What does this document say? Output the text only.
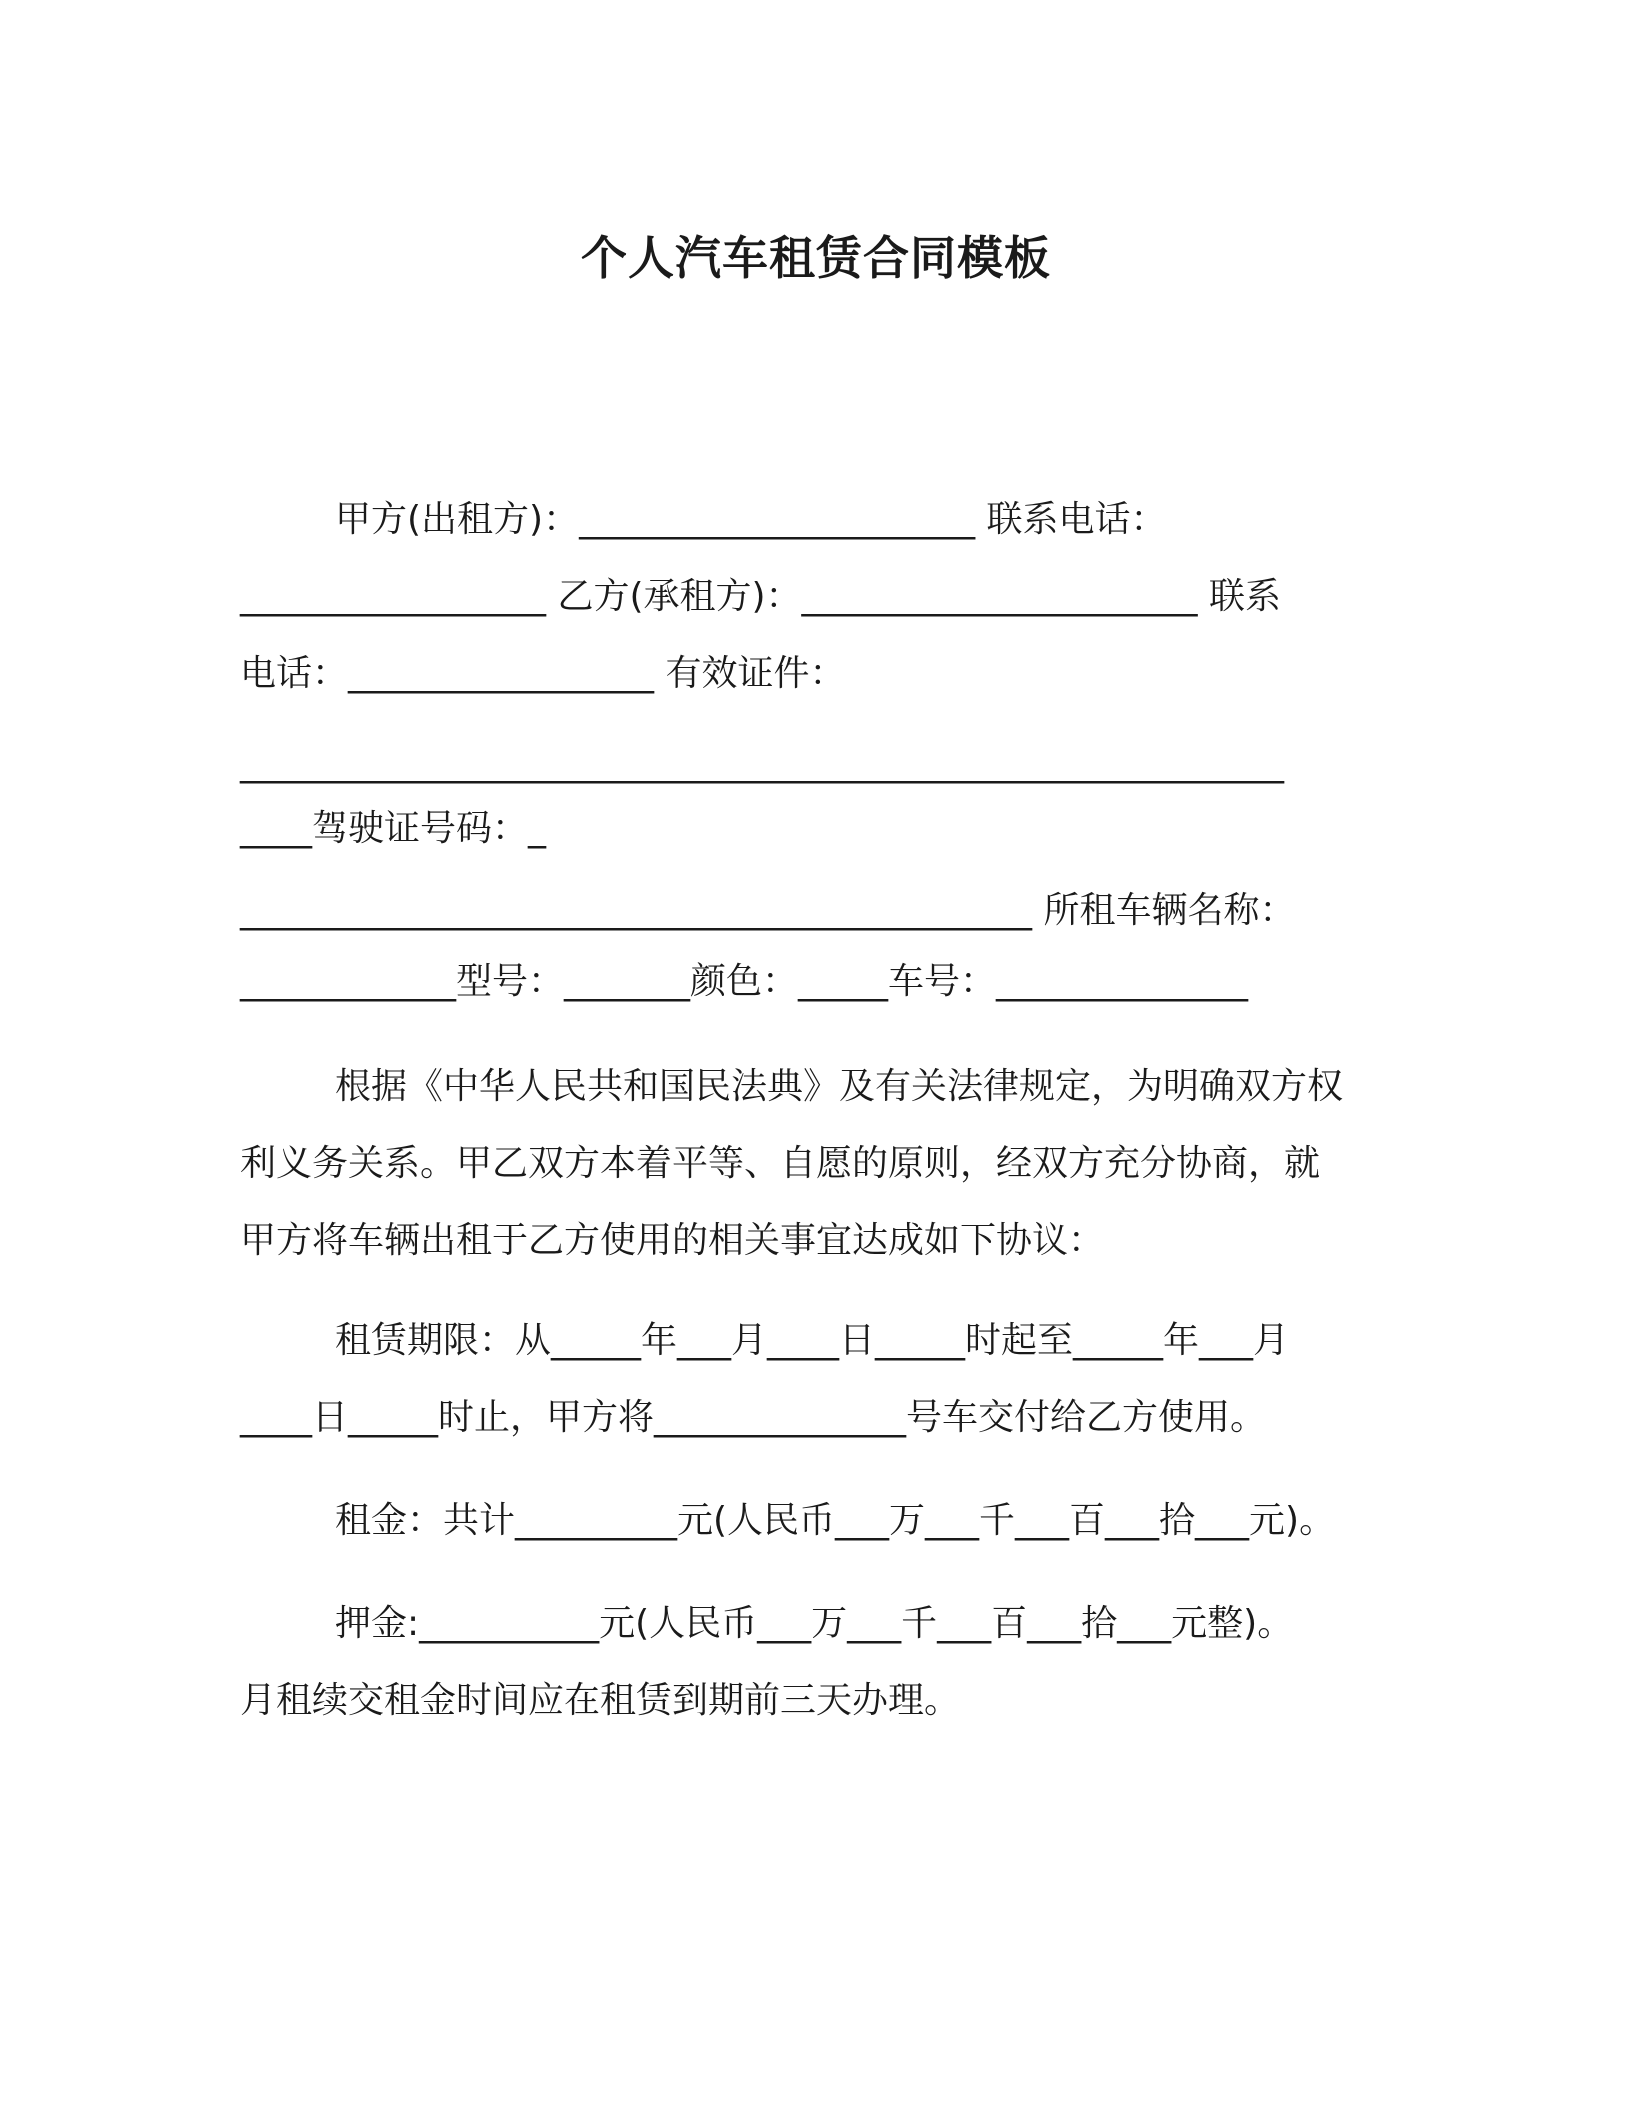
个人汽车租赁合同模板
甲方(出租方)：______________________ 联系电话：
_________________ 乙方(承租方)：______________________ 联系
电话：_________________ 有效证件：
__________________________________________________________
____驾驶证号码：_
____________________________________________ 所租车辆名称：
____________型号：_______颜色：_____车号：______________
根据《中华人民共和国民法典》及有关法律规定，为明确双方权
利义务关系。甲乙双方本着平等、自愿的原则，经双方充分协商，就
甲方将车辆出租于乙方使用的相关事宜达成如下协议：
租赁期限：从_____年___月____日_____时起至_____年___月
____日_____时止，甲方将______________号车交付给乙方使用。
租金：共计_________元(人民币___万___千___百___拾___元)。
押金:__________元(人民币___万___千___百___拾___元整)。
月租续交租金时间应在租赁到期前三天办理。
